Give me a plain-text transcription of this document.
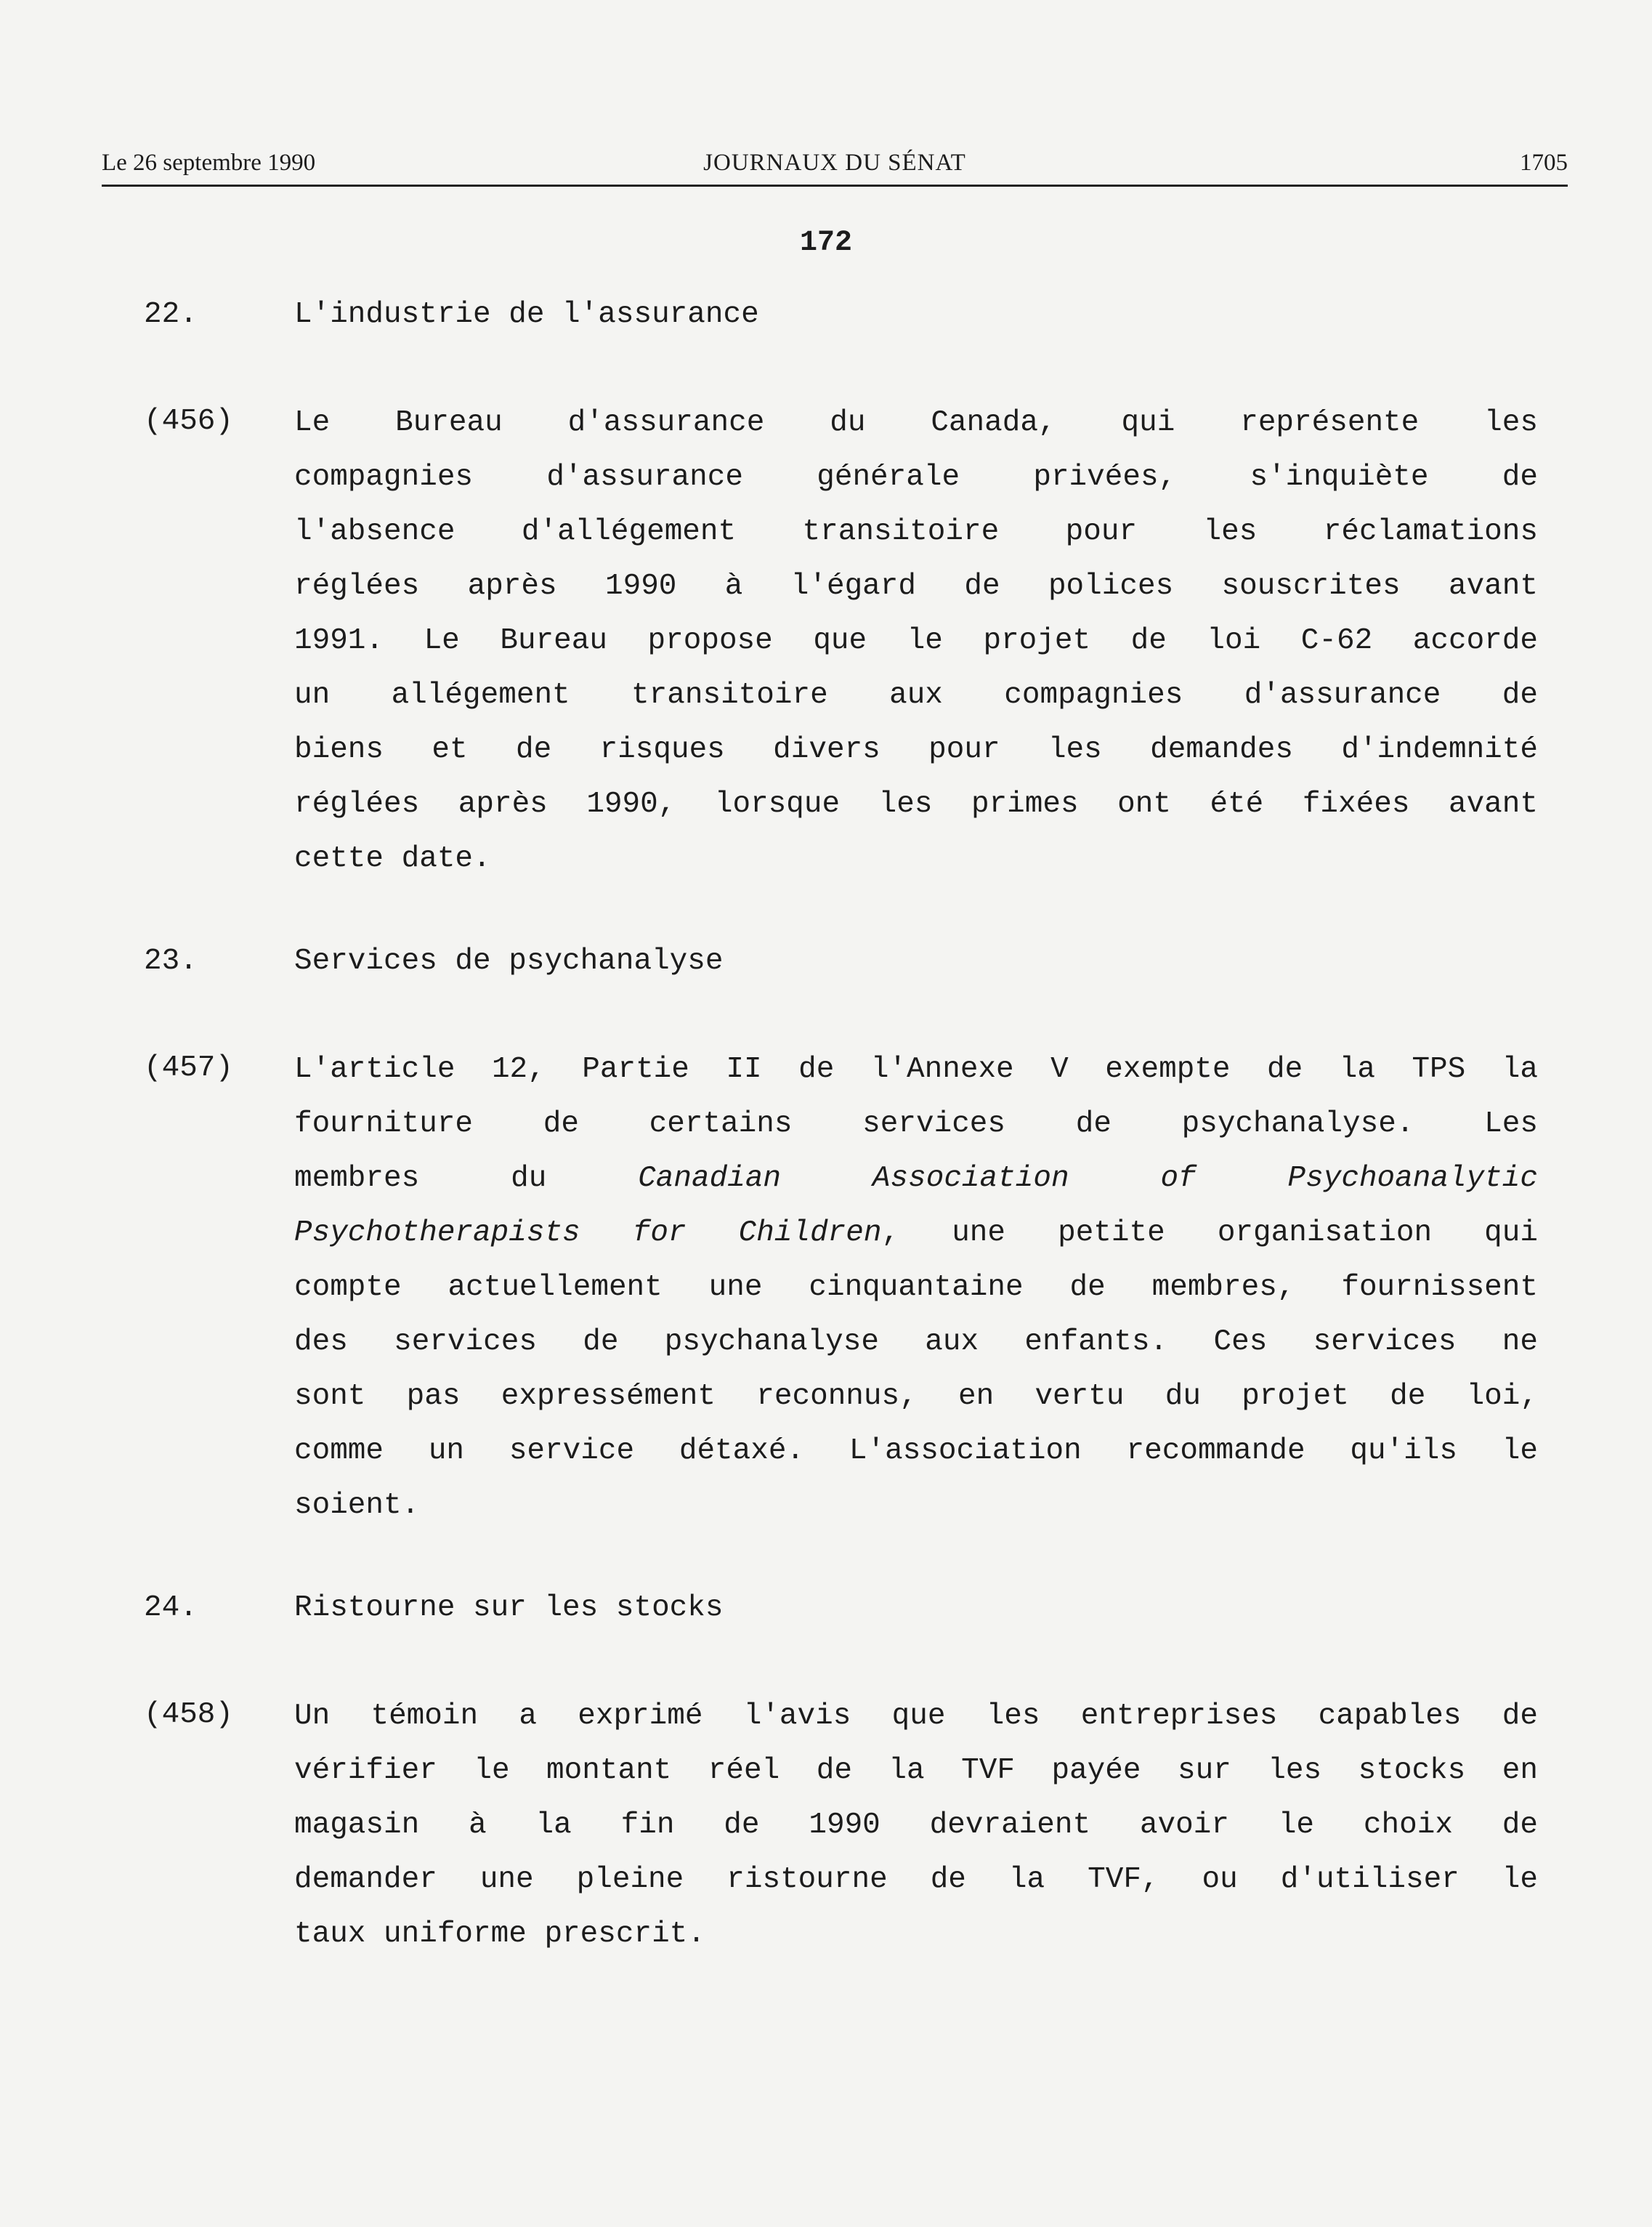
Le 26 septembre 1990	JOURNAUX DU SÉNAT	1705
172
22.	L'industrie de l'assurance
(456) Le Bureau d'assurance du Canada, qui représente les
compagnies d'assurance générale privées, s'inquiète de
l'absence d'allégement transitoire pour les réclamations
réglées après 1990 à l'égard de polices souscrites avant
1991. Le Bureau propose que le projet de loi C-62 accorde
un allégement transitoire aux compagnies d'assurance de
biens et de risques divers pour les demandes d'indemnité
réglées après 1990, lorsque les primes ont été fixées avant
cette date.
23.	Services de psychanalyse
(457) L'article 12, Partie II de l'Annexe V exempte de la TPS la
fourniture de certains services de psychanalyse. Les
membres du Canadian Association of Psychoanalytic
Psychotherapists for Children, une petite organisation qui
compte actuellement une cinquantaine de membres, fournissent
des services de psychanalyse aux enfants. Ces services ne
sont pas expressément reconnus, en vertu du projet de loi,
comme un service détaxé. L'association recommande qu'ils le
soient.
24.	Ristourne sur les stocks
(458) Un témoin a exprimé l'avis que les entreprises capables de
vérifier le montant réel de la TVF payée sur les stocks en
magasin à la fin de 1990 devraient avoir le choix de
demander une pleine ristourne de la TVF, ou d'utiliser le
taux uniforme prescrit.
